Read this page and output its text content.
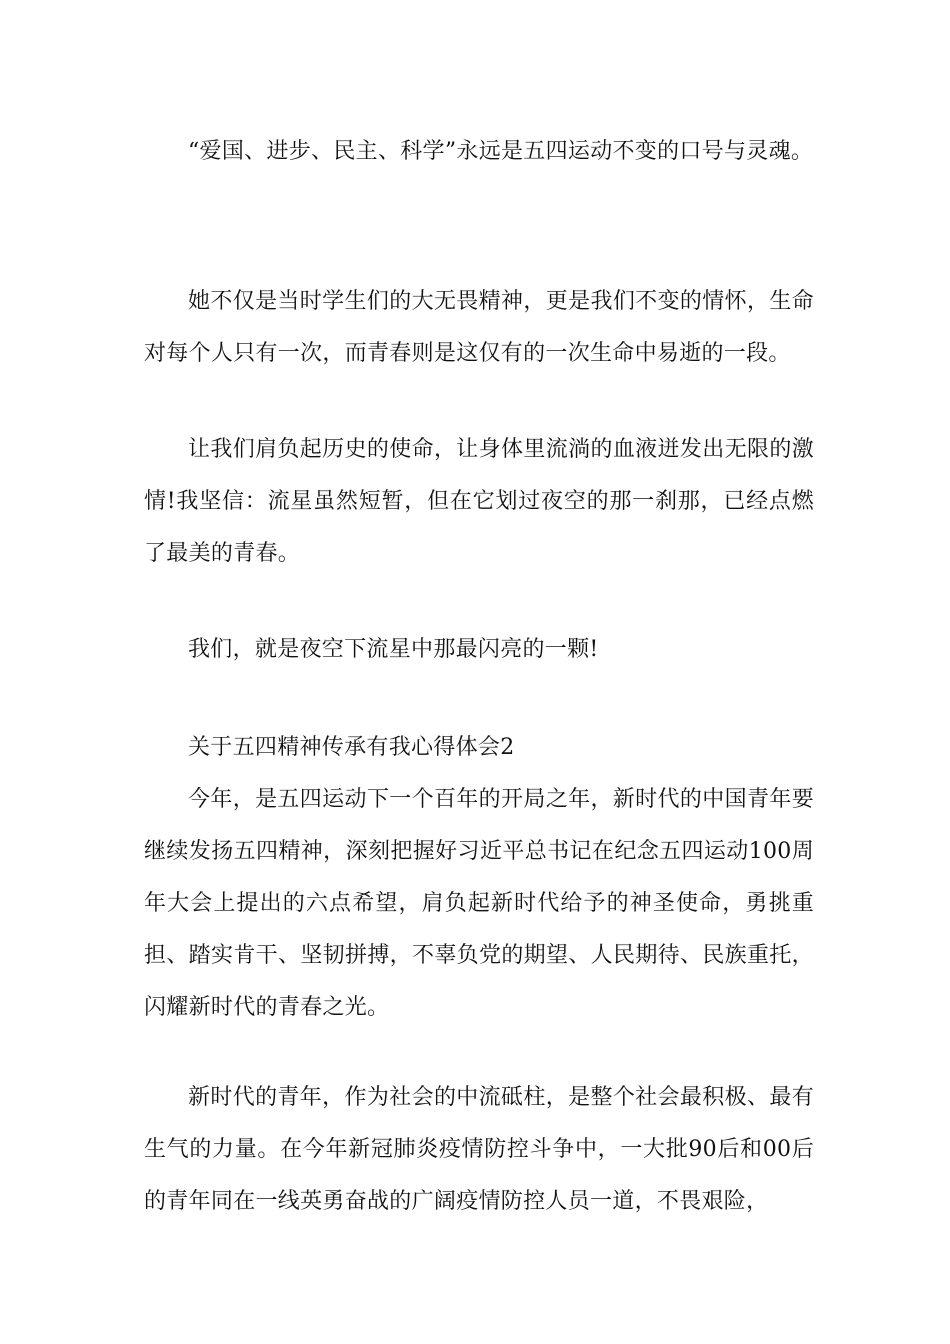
“爱国、进步、民主、科学”永远是五四运动不变的口号与灵魂。

她不仅是当时学生们的大无畏精神，更是我们不变的情怀，生命对每个人只有一次，而青春则是这仅有的一次生命中易逝的一段。

让我们肩负起历史的使命，让身体里流淌的血液迸发出无限的激情!我坚信：流星虽然短暂，但在它划过夜空的那一刹那，已经点燃了最美的青春。

我们，就是夜空下流星中那最闪亮的一颗!

关于五四精神传承有我心得体会2

今年，是五四运动下一个百年的开局之年，新时代的中国青年要继续发扬五四精神，深刻把握好习近平总书记在纪念五四运动100周年大会上提出的六点希望，肩负起新时代给予的神圣使命，勇挑重担、踏实肯干、坚韧拼搏，不辜负党的期望、人民期待、民族重托，闪耀新时代的青春之光。

新时代的青年，作为社会的中流砥柱，是整个社会最积极、最有生气的力量。在今年新冠肺炎疫情防控斗争中，一大批90后和00后的青年同在一线英勇奋战的广阔疫情防控人员一道，不畏艰险，
